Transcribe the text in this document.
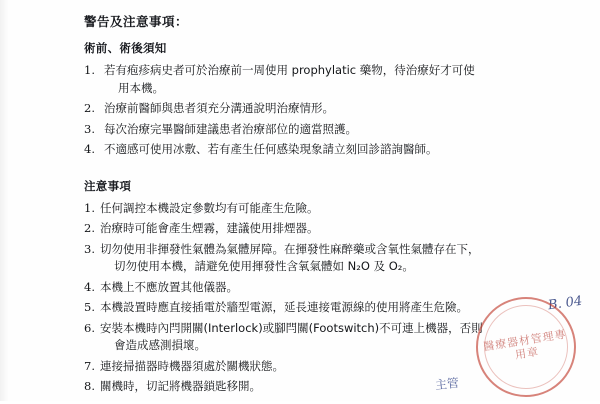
警告及注意事項：
術前、術後須知
1. 若有疱疹病史者可於治療前一周使用 prophylatic 藥物，待治療好才可使
用本機。
2. 治療前醫師與患者須充分溝通說明治療情形。
3. 每次治療完畢醫師建議患者治療部位的適當照護。
4. 不適感可使用冰敷、若有產生任何感染現象請立刻回診諮詢醫師。
注意事項
1. 任何調控本機設定參數均有可能產生危險。
2. 治療時可能會產生煙霧，建議使用排煙器。
3. 切勿使用非揮發性氣體為氣體屏障。在揮發性麻醉藥或含氧性氣體存在下，
切勿使用本機，請避免使用揮發性含氧氣體如 N₂O 及 O₂。
4. 本機上不應放置其他儀器。
5. 本機設置時應直接插電於牆型電源，延長連接電源線的使用將產生危險。
6. 安裝本機時內閂開關(Interlock)或腳閂關(Footswitch)不可連上機器，否則
會造成感測損壞。
7. 連接掃描器時機器須處於關機狀態。
8. 關機時，切記將機器鎖匙移開。
B. 04
主管
醫療器材管理專用章
